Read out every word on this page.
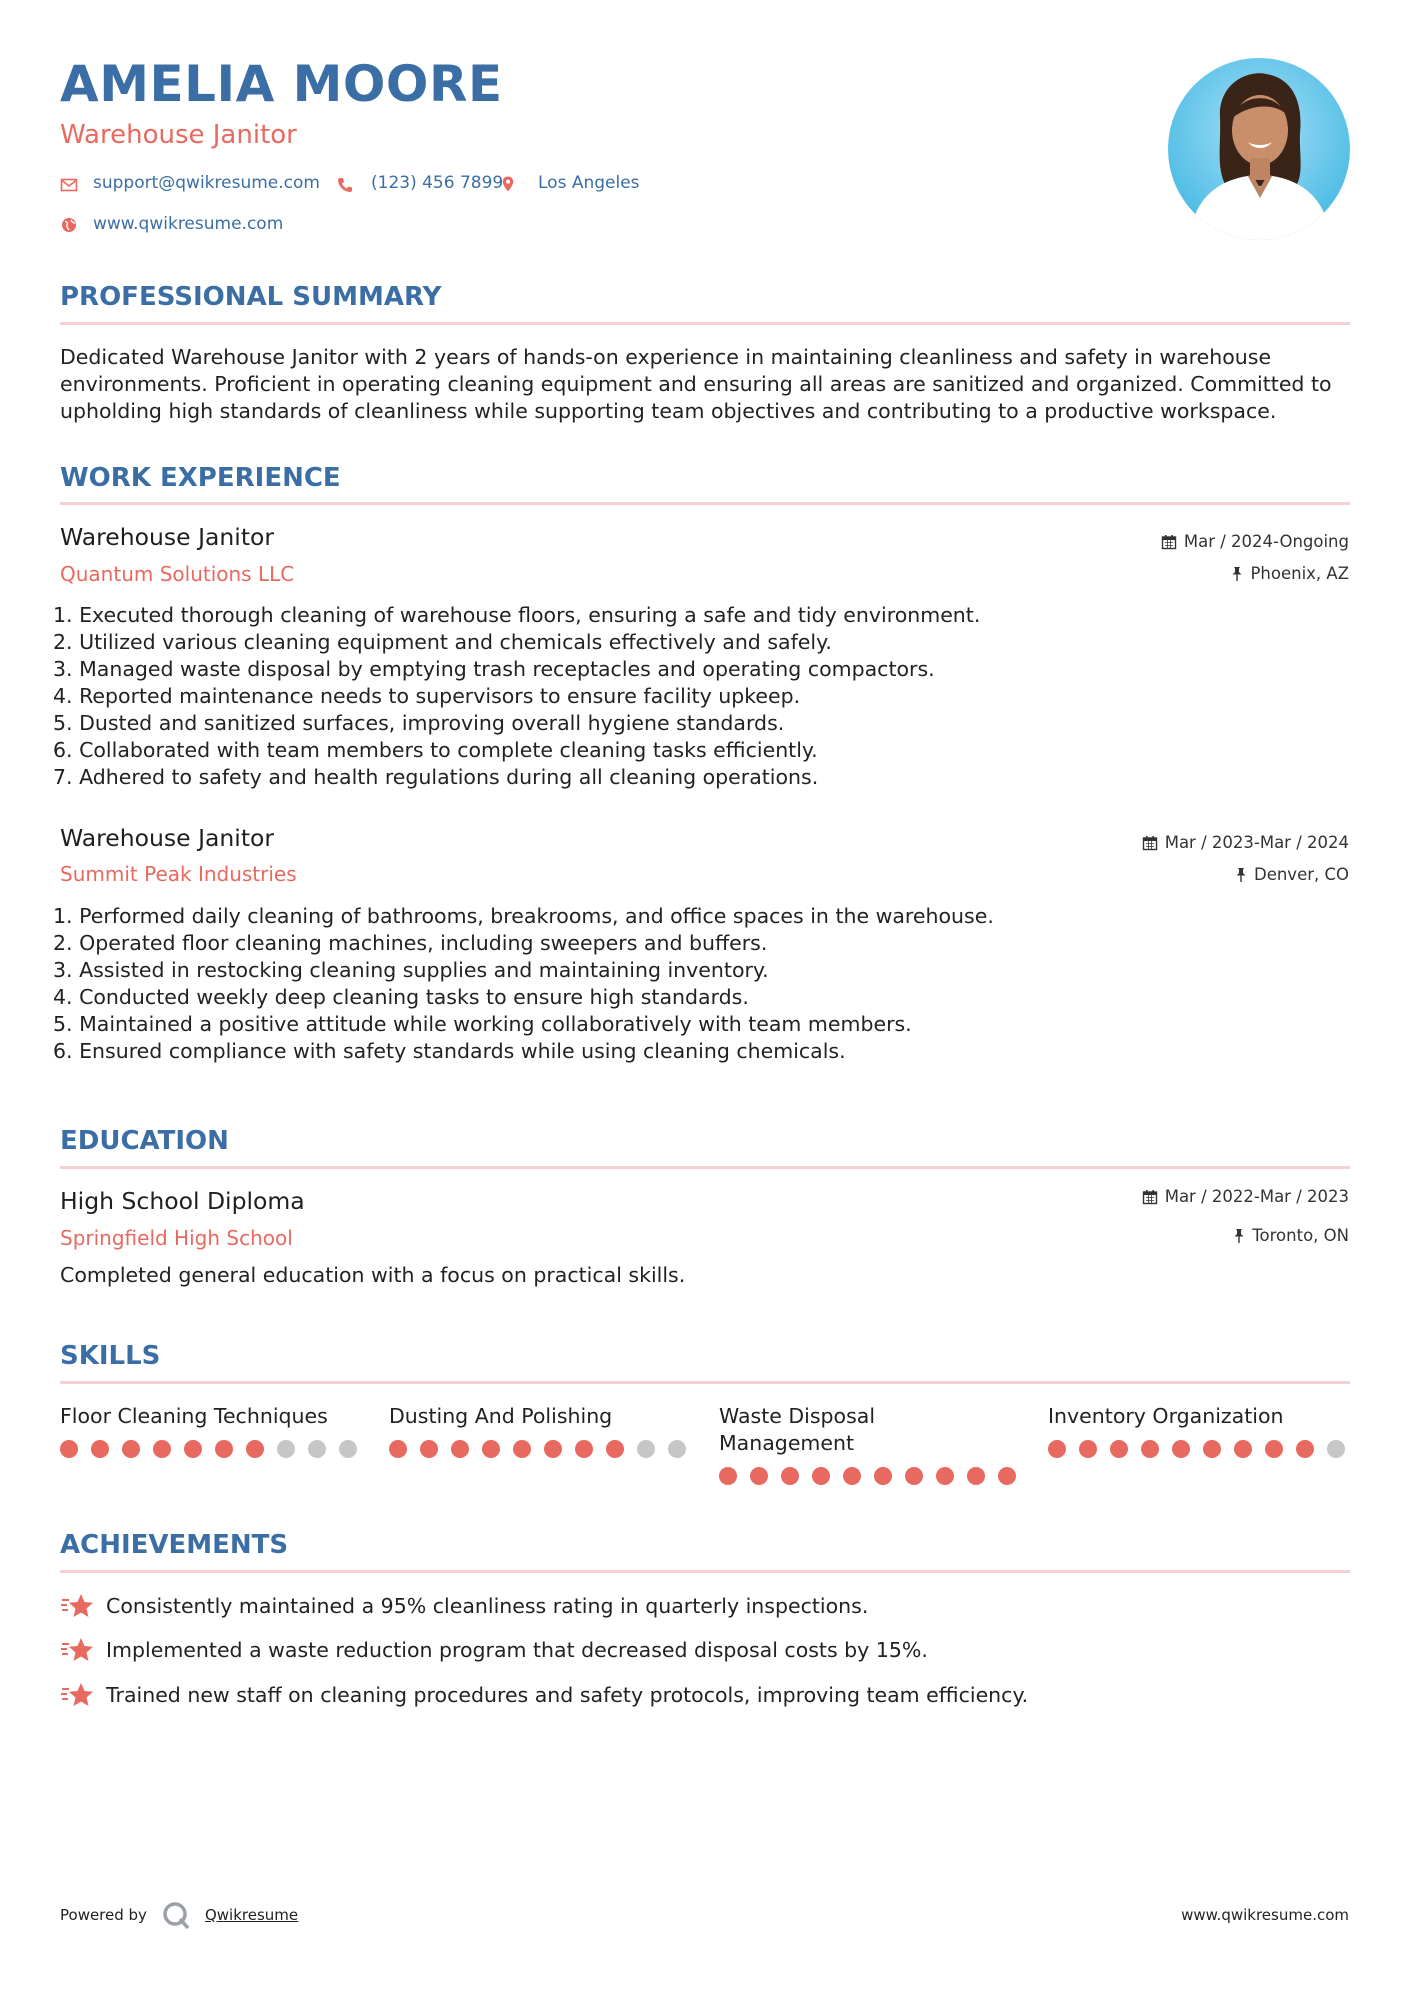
AMELIA MOORE
Warehouse Janitor
support@qwikresume.com	(123) 456 7899 Los Angeles
www.qwikresume.com
PROFESSIONAL SUMMARY
Dedicated Warehouse Janitor with 2 years of hands-on experience in maintaining cleanliness and safety in warehouse environments. Proficient in operating cleaning equipment and ensuring all areas are sanitized and organized. Committed to upholding high standards of cleanliness while supporting team objectives and contributing to a productive workspace.
WORK EXPERIENCE
Warehouse Janitor
Quantum Solutions LLC
Mar / 2024-Ongoing
Phoenix, AZ
1. Executed thorough cleaning of warehouse floors, ensuring a safe and tidy environment.
2. Utilized various cleaning equipment and chemicals effectively and safely.
3. Managed waste disposal by emptying trash receptacles and operating compactors.
4. Reported maintenance needs to supervisors to ensure facility upkeep.
5. Dusted and sanitized surfaces, improving overall hygiene standards.
6. Collaborated with team members to complete cleaning tasks efficiently.
7. Adhered to safety and health regulations during all cleaning operations.
Warehouse Janitor
Summit Peak Industries
Mar / 2023-Mar / 2024
Denver, CO
1. Performed daily cleaning of bathrooms, breakrooms, and office spaces in the warehouse.
2. Operated floor cleaning machines, including sweepers and buffers.
3. Assisted in restocking cleaning supplies and maintaining inventory.
4. Conducted weekly deep cleaning tasks to ensure high standards.
5. Maintained a positive attitude while working collaboratively with team members.
6. Ensured compliance with safety standards while using cleaning chemicals.
EDUCATION
High School Diploma
Springfield High School
Mar / 2022-Mar / 2023
Toronto, ON
Completed general education with a focus on practical skills.
SKILLS
Floor Cleaning Techniques	Dusting And Polishing	Waste Disposal Management
Inventory Organization
ACHIEVEMENTS
Consistently maintained a 95% cleanliness rating in quarterly inspections.
Implemented a waste reduction program that decreased disposal costs by 15%.
Trained new staff on cleaning procedures and safety protocols, improving team efficiency.
Powered by	Qwikresume	www.qwikresume.com
